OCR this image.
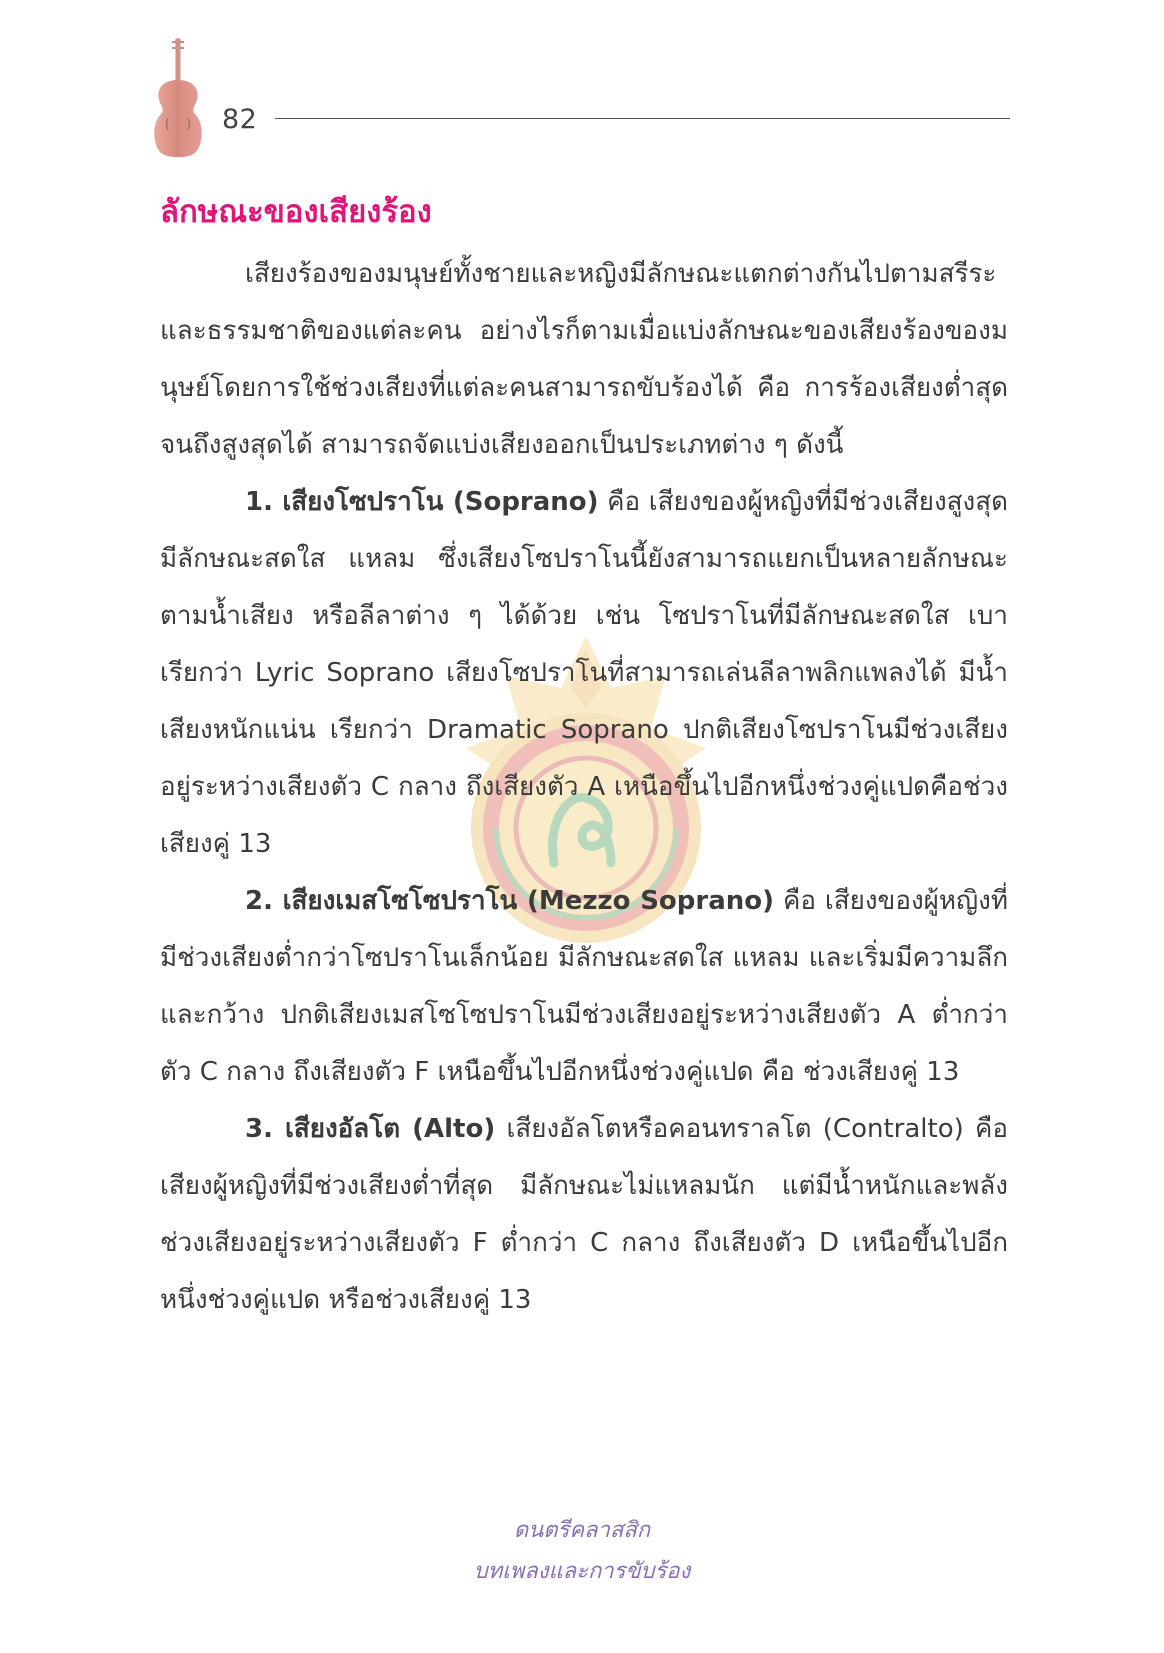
82
ลักษณะของเสียงร้อง

เสียงร้องของมนุษย์ทั้งชายและหญิงมีลักษณะแตกต่างกันไปตามสรีระและธรรมชาติของแต่ละคน อย่างไรก็ตามเมื่อแบ่งลักษณะของเสียงร้องของมนุษย์โดยการใช้ช่วงเสียงที่แต่ละคนสามารถขับร้องได้ คือ การร้องเสียงต่ำสุดจนถึงสูงสุดได้ สามารถจัดแบ่งเสียงออกเป็นประเภทต่าง ๆ ดังนี้

1. เสียงโซปราโน (Soprano) คือ เสียงของผู้หญิงที่มีช่วงเสียงสูงสุด มีลักษณะสดใส แหลม ซึ่งเสียงโซปราโนนี้ยังสามารถแยกเป็นหลายลักษณะตามน้ำเสียง หรือลีลาต่าง ๆ ได้ด้วย เช่น โซปราโนที่มีลักษณะสดใส เบา เรียกว่า Lyric Soprano เสียงโซปราโนที่สามารถเล่นลีลาพลิกแพลงได้ มีน้ำเสียงหนักแน่น เรียกว่า Dramatic Soprano ปกติเสียงโซปราโนมีช่วงเสียงอยู่ระหว่างเสียงตัว C กลาง ถึงเสียงตัว A เหนือขึ้นไปอีกหนึ่งช่วงคู่แปดคือช่วงเสียงคู่ 13

2. เสียงเมสโซโซปราโน (Mezzo Soprano) คือ เสียงของผู้หญิงที่มีช่วงเสียงต่ำกว่าโซปราโนเล็กน้อย มีลักษณะสดใส แหลม และเริ่มมีความลึกและกว้าง ปกติเสียงเมสโซโซปราโนมีช่วงเสียงอยู่ระหว่างเสียงตัว A ต่ำกว่าตัว C กลาง ถึงเสียงตัว F เหนือขึ้นไปอีกหนึ่งช่วงคู่แปด คือ ช่วงเสียงคู่ 13

3. เสียงอัลโต (Alto) เสียงอัลโตหรือคอนทราลโต (Contralto) คือเสียงผู้หญิงที่มีช่วงเสียงต่ำที่สุด มีลักษณะไม่แหลมนัก แต่มีน้ำหนักและพลัง ช่วงเสียงอยู่ระหว่างเสียงตัว F ต่ำกว่า C กลาง ถึงเสียงตัว D เหนือขึ้นไปอีกหนึ่งช่วงคู่แปด หรือช่วงเสียงคู่ 13

ดนตรีคลาสสิก
บทเพลงและการขับร้อง
